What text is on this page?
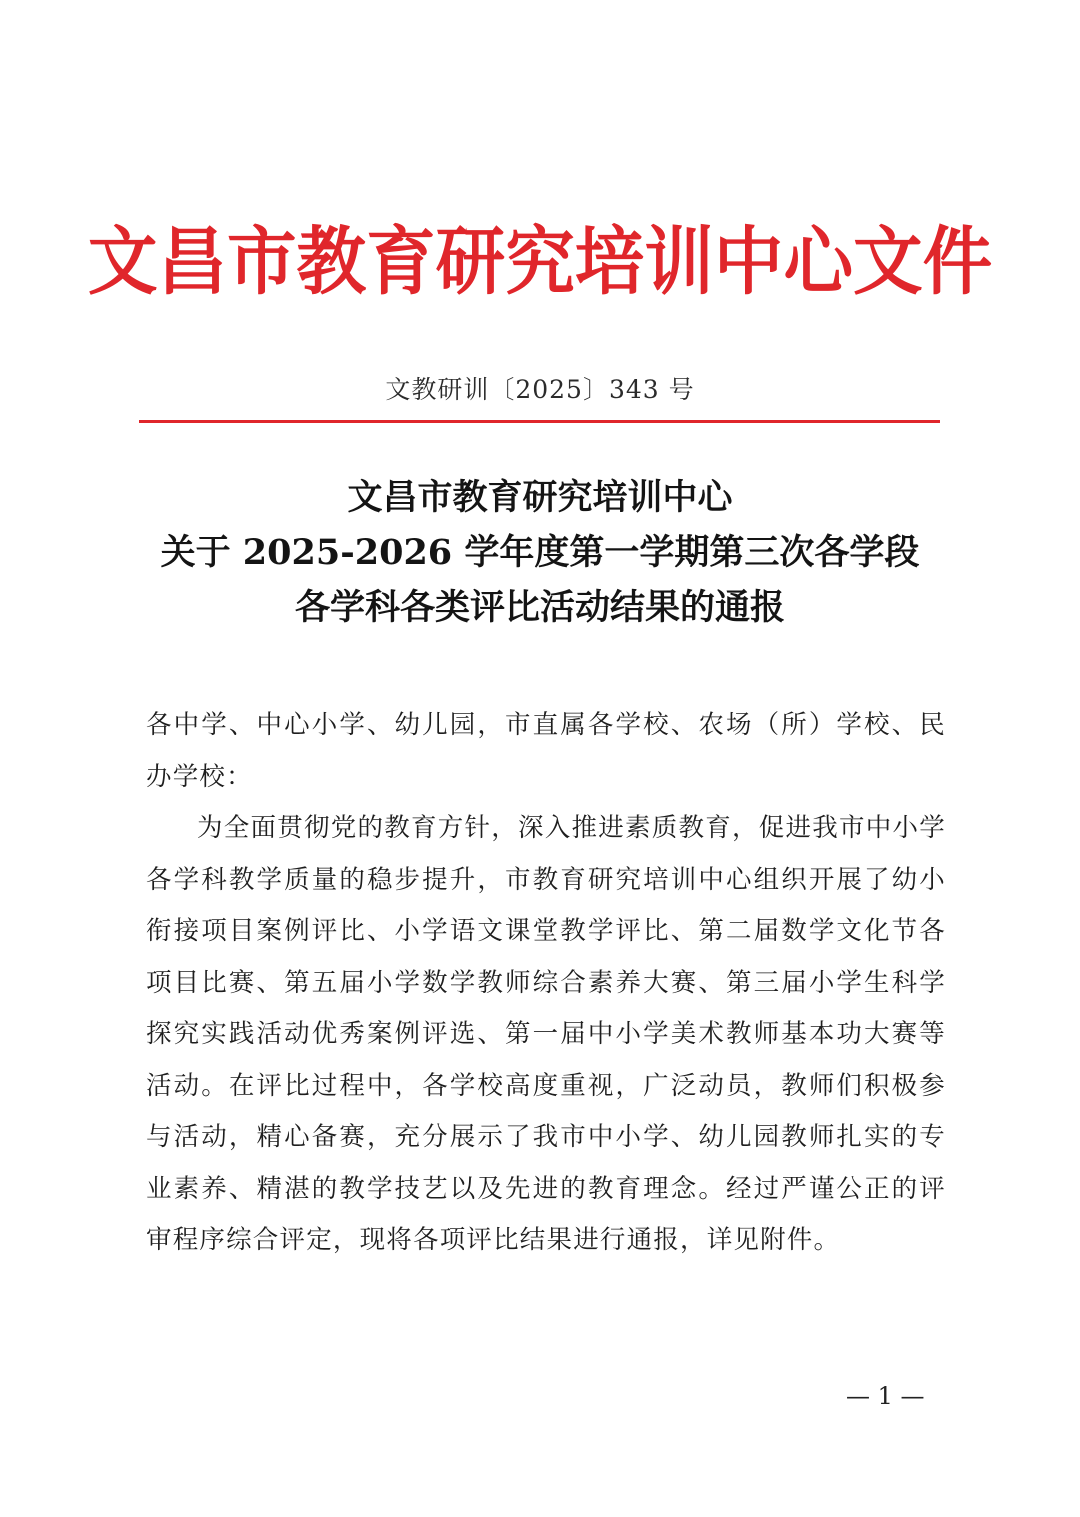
文昌市教育研究培训中心文件
文教研训〔2025〕343 号
文昌市教育研究培训中心
关于 2025-2026 学年度第一学期第三次各学段
各学科各类评比活动结果的通报

各中学、中心小学、幼儿园，市直属各学校、农场（所）学校、民办学校：

为全面贯彻党的教育方针，深入推进素质教育，促进我市中小学各学科教学质量的稳步提升，市教育研究培训中心组织开展了幼小衔接项目案例评比、小学语文课堂教学评比、第二届数学文化节各项目比赛、第五届小学数学教师综合素养大赛、第三届小学生科学探究实践活动优秀案例评选、第一届中小学美术教师基本功大赛等活动。在评比过程中，各学校高度重视，广泛动员，教师们积极参与活动，精心备赛，充分展示了我市中小学、幼儿园教师扎实的专业素养、精湛的教学技艺以及先进的教育理念。经过严谨公正的评审程序综合评定，现将各项评比结果进行通报，详见附件。

— 1 —
